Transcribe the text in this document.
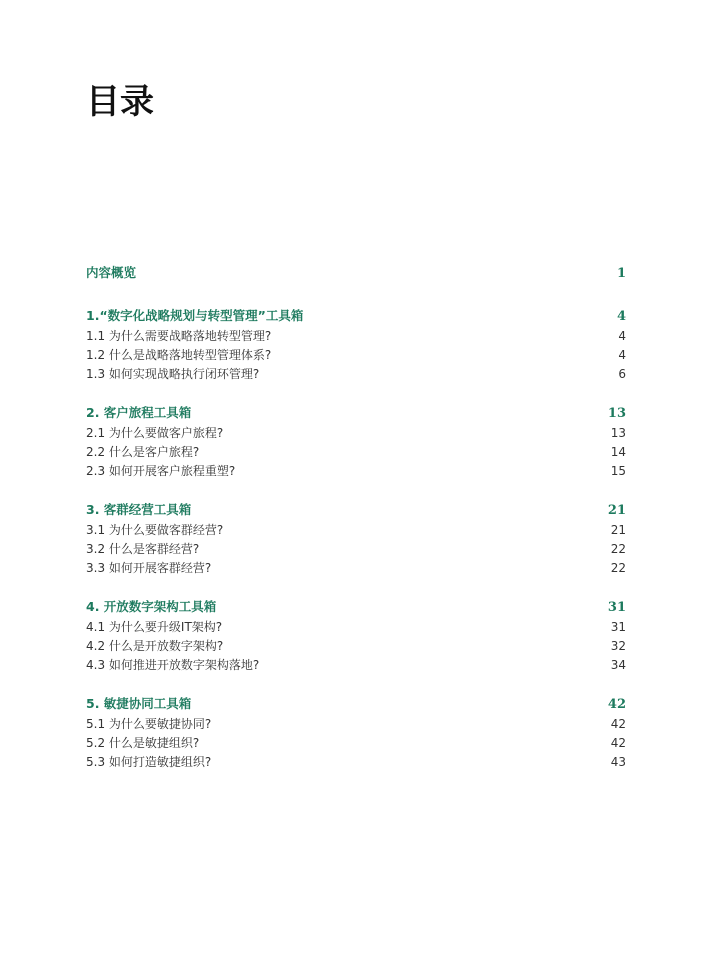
目录
内容概览	1
1.“数字化战略规划与转型管理”工具箱	4
1.1 为什么需要战略落地转型管理?	4
1.2 什么是战略落地转型管理体系?	4
1.3 如何实现战略执行闭环管理?	6
2. 客户旅程工具箱	13
2.1 为什么要做客户旅程?	13
2.2 什么是客户旅程?	14
2.3 如何开展客户旅程重塑?	15
3. 客群经营工具箱	21
3.1 为什么要做客群经营?	21
3.2 什么是客群经营?	22
3.3 如何开展客群经营?	22
4. 开放数字架构工具箱	31
4.1 为什么要升级IT架构?	31
4.2 什么是开放数字架构?	32
4.3 如何推进开放数字架构落地?	34
5. 敏捷协同工具箱	42
5.1 为什么要敏捷协同?	42
5.2 什么是敏捷组织?	42
5.3 如何打造敏捷组织?	43
